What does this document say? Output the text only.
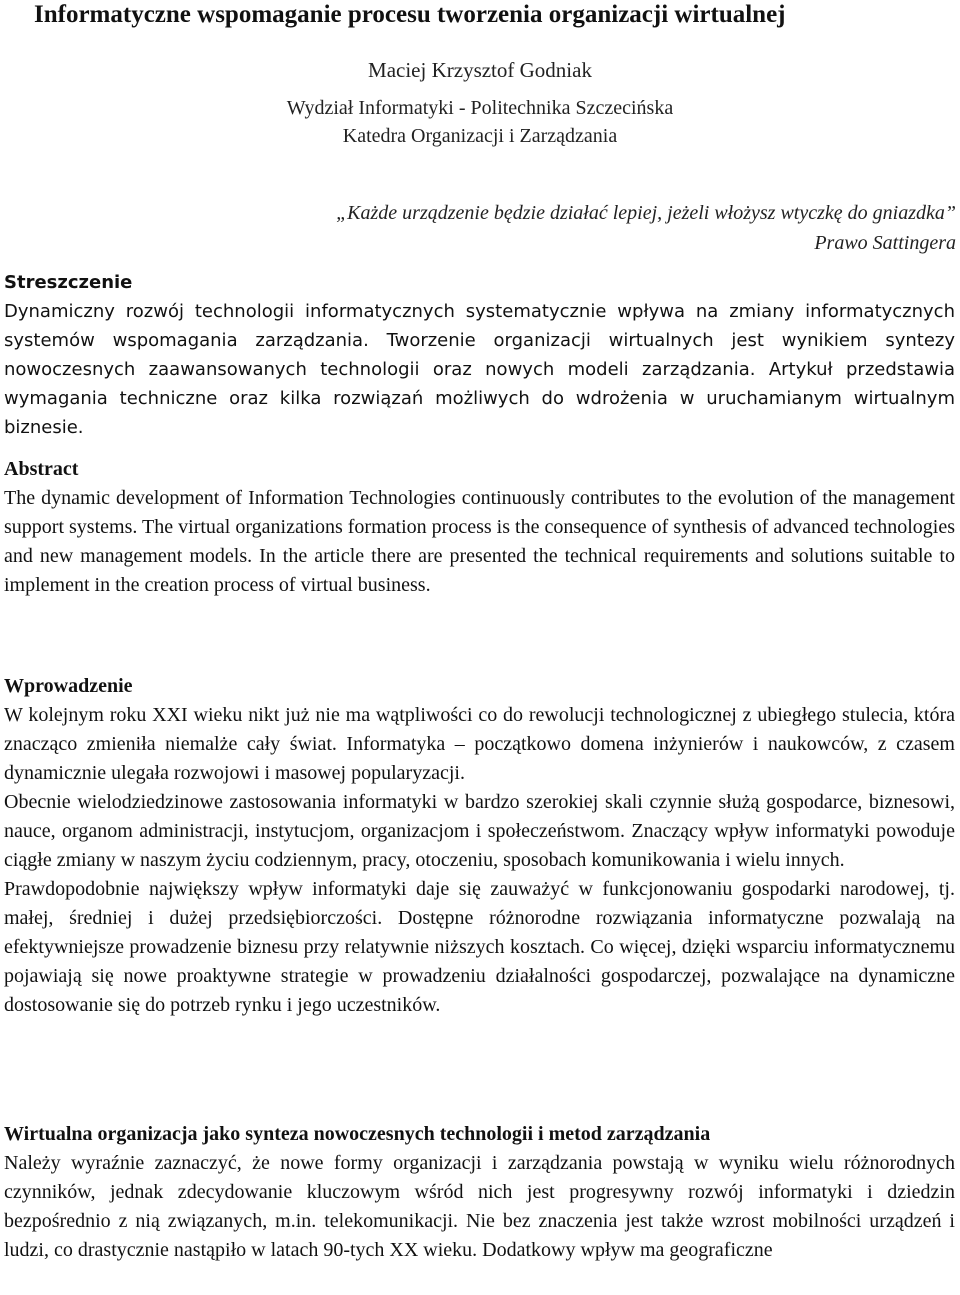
Informatyczne wspomaganie procesu tworzenia organizacji wirtualnej
Maciej Krzysztof Godniak
Wydział Informatyki - Politechnika Szczecińska
Katedra Organizacji i Zarządzania
„Każde urządzenie będzie działać lepiej, jeżeli włożysz wtyczkę do gniazdka”
Prawo Sattingera
Streszczenie

Dynamiczny rozwój technologii informatycznych systematycznie wpływa na zmiany informatycznych systemów wspomagania zarządzania. Tworzenie organizacji wirtualnych jest wynikiem syntezy nowoczesnych zaawansowanych technologii oraz nowych modeli zarządzania. Artykuł przedstawia wymagania techniczne oraz kilka rozwiązań możliwych do wdrożenia w uruchamianym wirtualnym biznesie.

Abstract

The dynamic development of Information Technologies continuously contributes to the evolution of the management support systems. The virtual organizations formation process is the consequence of synthesis of advanced technologies and new management models. In the article there are presented the technical requirements and solutions suitable to implement in the creation process of virtual business.

Wprowadzenie

W kolejnym roku XXI wieku nikt już nie ma wątpliwości co do rewolucji technologicznej z ubiegłego stulecia, która znacząco zmieniła niemalże cały świat. Informatyka – początkowo domena inżynierów i naukowców, z czasem dynamicznie ulegała rozwojowi i masowej popularyzacji.

Obecnie wielodziedzinowe zastosowania informatyki w bardzo szerokiej skali czynnie służą gospodarce, biznesowi, nauce, organom administracji, instytucjom, organizacjom i społeczeństwom. Znaczący wpływ informatyki powoduje ciągłe zmiany w naszym życiu codziennym, pracy, otoczeniu, sposobach komunikowania i wielu innych.

Prawdopodobnie największy wpływ informatyki daje się zauważyć w funkcjonowaniu gospodarki narodowej, tj. małej, średniej i dużej przedsiębiorczości. Dostępne różnorodne rozwiązania informatyczne pozwalają na efektywniejsze prowadzenie biznesu przy relatywnie niższych kosztach. Co więcej, dzięki wsparciu informatycznemu pojawiają się nowe proaktywne strategie w prowadzeniu działalności gospodarczej, pozwalające na dynamiczne dostosowanie się do potrzeb rynku i jego uczestników.

Wirtualna organizacja jako synteza nowoczesnych technologii i metod zarządzania

Należy wyraźnie zaznaczyć, że nowe formy organizacji i zarządzania powstają w wyniku wielu różnorodnych czynników, jednak zdecydowanie kluczowym wśród nich jest progresywny rozwój informatyki i dziedzin bezpośrednio z nią związanych, m.in. telekomunikacji. Nie bez znaczenia jest także wzrost mobilności urządzeń i ludzi, co drastycznie nastąpiło w latach 90-tych XX wieku. Dodatkowy wpływ ma geograficzne
